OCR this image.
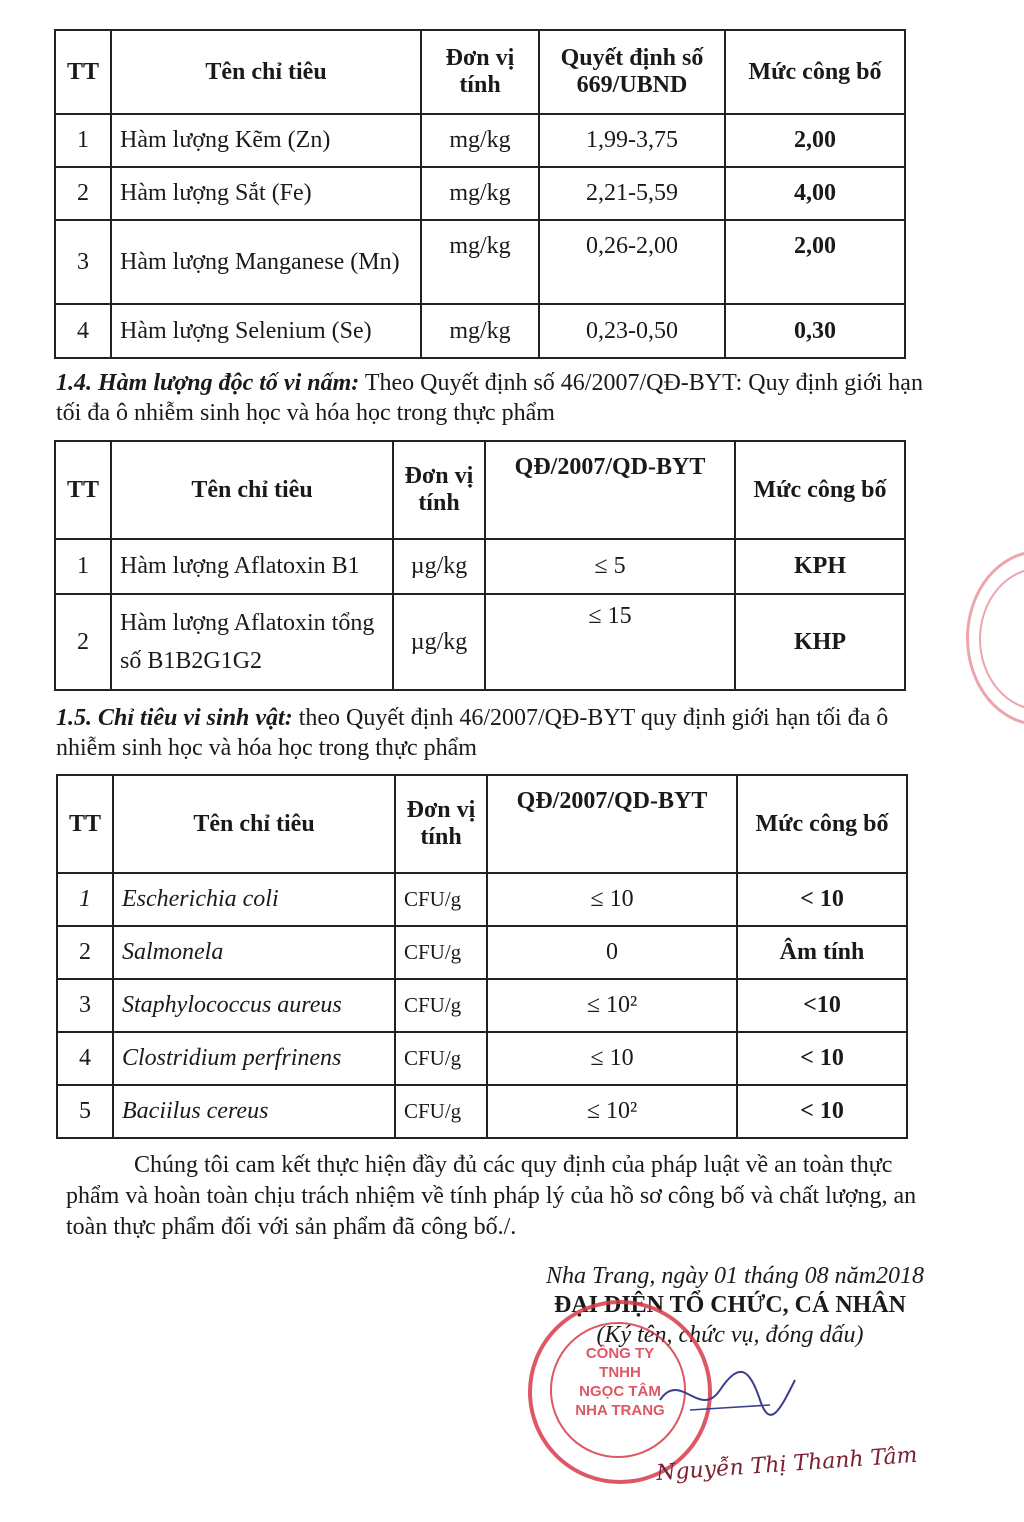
TT	Tên chỉ tiêu	Đơn vị tính	Quyết định số 669/UBND	Mức công bố
1	Hàm lượng Kẽm (Zn)	mg/kg	1,99-3,75	2,00
2	Hàm lượng Sắt (Fe)	mg/kg	2,21-5,59	4,00
3	Hàm lượng Manganese (Mn)	mg/kg	0,26-2,00	2,00
4	Hàm lượng Selenium (Se)	mg/kg	0,23-0,50	0,30

1.4. Hàm lượng độc tố vi nấm: Theo Quyết định số 46/2007/QĐ-BYT: Quy định giới hạn tối đa ô nhiễm sinh học và hóa học trong thực phẩm

TT	Tên chỉ tiêu	Đơn vị tính	QĐ/2007/QD-BYT	Mức công bố
1	Hàm lượng Aflatoxin B1	µg/kg	≤ 5	KPH
2	Hàm lượng Aflatoxin tổng số B1B2G1G2	µg/kg	≤ 15	KHP

1.5. Chỉ tiêu vi sinh vật: theo Quyết định 46/2007/QĐ-BYT quy định giới hạn tối đa ô nhiễm sinh học và hóa học trong thực phẩm

TT	Tên chỉ tiêu	Đơn vị tính	QĐ/2007/QD-BYT	Mức công bố
1	Escherichia coli	CFU/g	≤ 10	< 10
2	Salmonela	CFU/g	0	Âm tính
3	Staphylococcus aureus	CFU/g	≤ 10²	<10
4	Clostridium perfrinens	CFU/g	≤ 10	< 10
5	Baciilus cereus	CFU/g	≤ 10²	< 10

Chúng tôi cam kết thực hiện đầy đủ các quy định của pháp luật về an toàn thực phẩm và hoàn toàn chịu trách nhiệm về tính pháp lý của hồ sơ công bố và chất lượng, an toàn thực phẩm đối với sản phẩm đã công bố./.

Nha Trang, ngày 01 tháng 08 năm2018
ĐẠI DIỆN TỔ CHỨC, CÁ NHÂN
(Ký tên, chức vụ, đóng dấu)
CÔNG TY
TNHH
NGỌC TÂM
NHA TRANG
Nguyễn Thị Thanh Tâm
